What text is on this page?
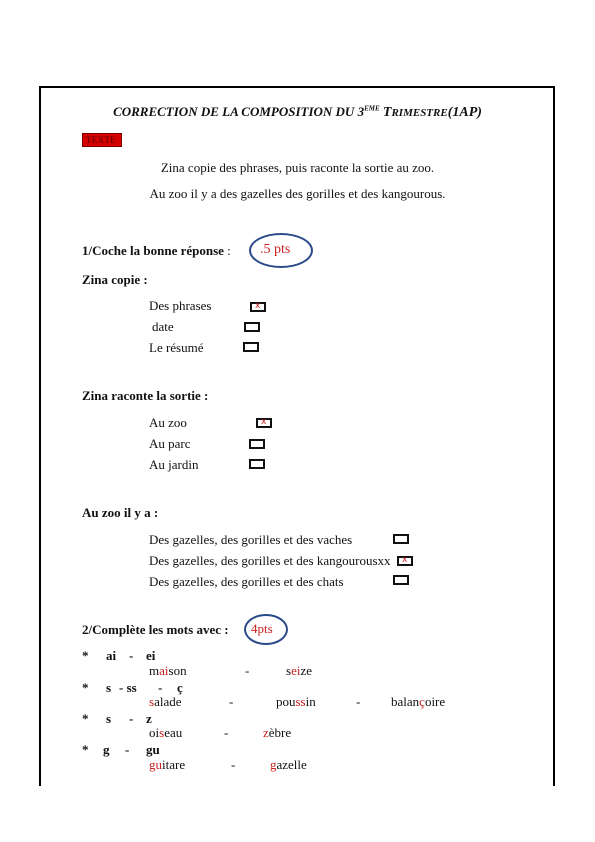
CORRECTION DE LA COMPOSITION DU 3EME TRIMESTRE(1AP)
TEXTE
Zina copie des phrases, puis raconte la sortie au zoo.
Au zoo il y a des gazelles des gorilles et des kangourous.
1/Coche la bonne réponse : .5 pts
Zina copie :
Des phrases	x
date
Le résumé
Zina raconte la sortie :
Au zoo	x
Au parc
Au jardin
Au zoo il y a :
Des gazelles, des gorilles et des vaches
Des gazelles, des gorilles et des kangourousxx x
Des gazelles, des gorilles et des chats
2/Complète les mots avec : 4pts
* ai - ei
maison	-	seize
* s - ss - ç
salade	-	poussin	- balançoire
* s - z
oiseau	-	zèbre
* g - gu
guitare	-	gazelle
